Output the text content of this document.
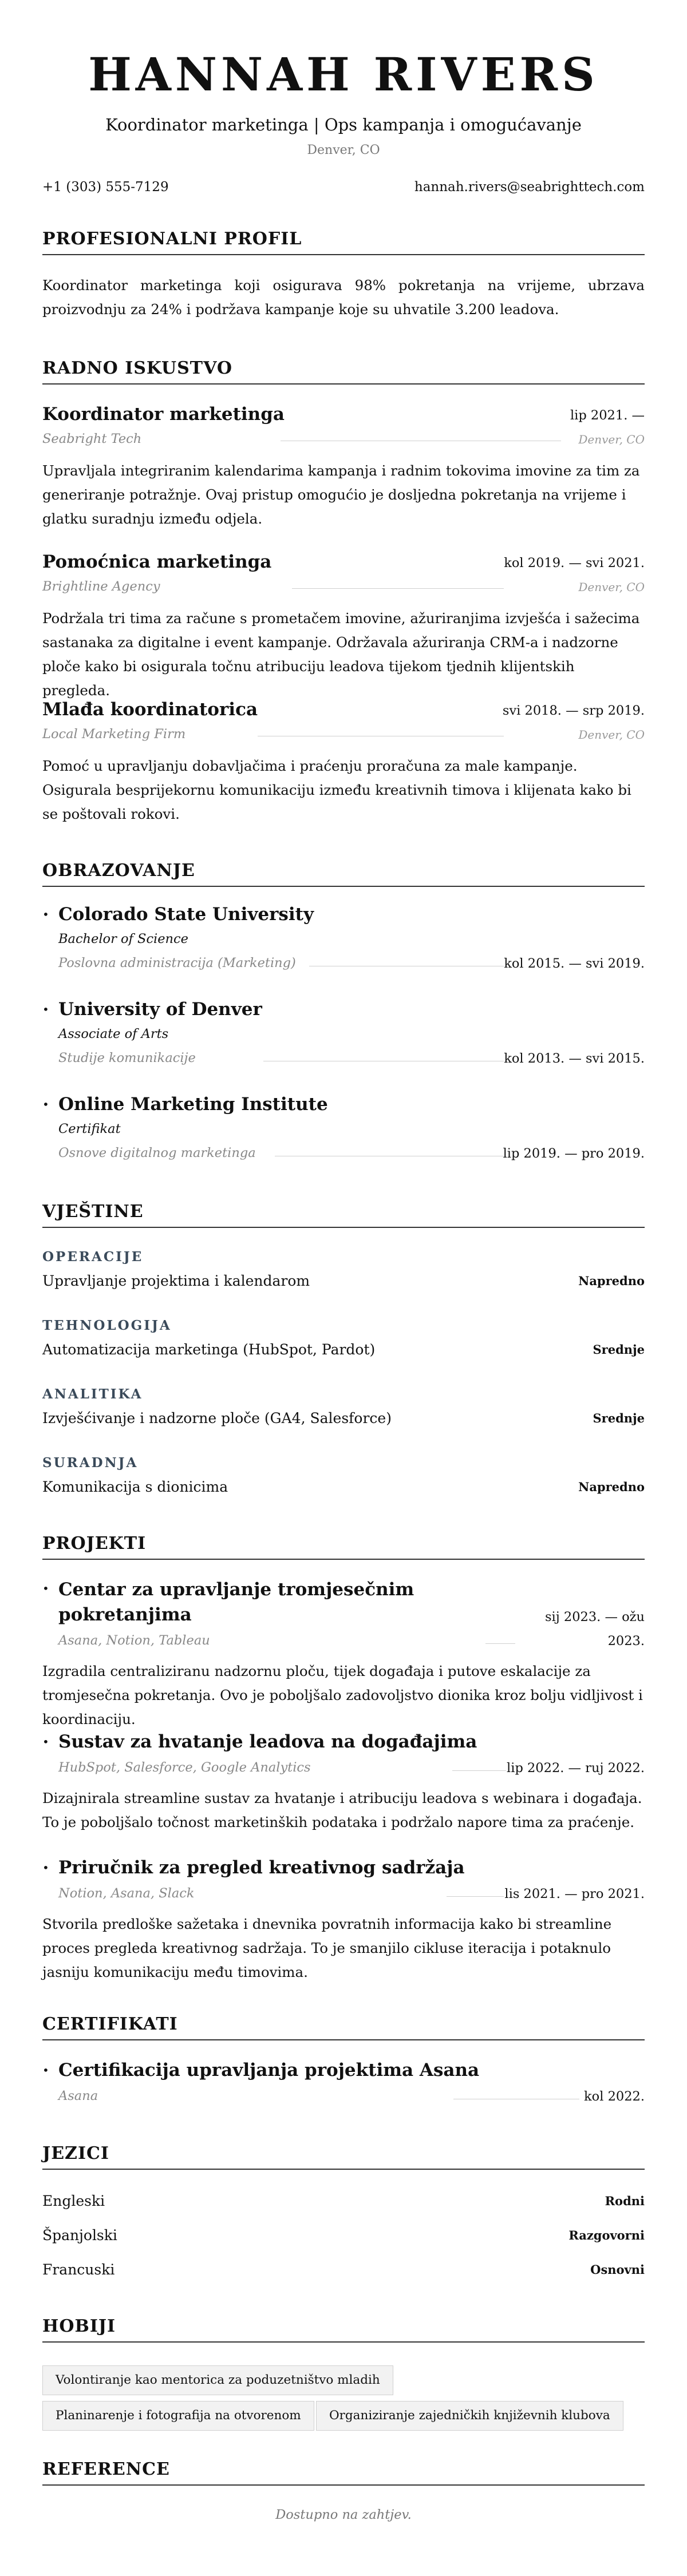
HANNAH RIVERS
Koordinator marketinga | Ops kampanja i omogućavanje
Denver, CO
+1 (303) 555-7129	hannah.rivers@seabrighttech.com
PROFESIONALNI PROFIL
Koordinator marketinga koji osigurava 98% pokretanja na vrijeme, ubrzava proizvodnju za 24% i podržava kampanje koje su uhvatile 3.200 leadova.
RADNO ISKUSTVO
Koordinator marketinga	lip 2021. —
Seabright Tech	Denver, CO
Upravljala integriranim kalendarima kampanja i radnim tokovima imovine za tim za generiranje potražnje. Ovaj pristup omogućio je dosljedna pokretanja na vrijeme i glatku suradnju između odjela.
Pomoćnica marketinga	kol 2019. — svi 2021.
Brightline Agency	Denver, CO
Podržala tri tima za račune s prometačem imovine, ažuriranjima izvješća i sažecima sastanaka za digitalne i event kampanje. Održavala ažuriranja CRM-a i nadzorne ploče kako bi osigurala točnu atribuciju leadova tijekom tjednih klijentskih pregleda.
Mlađa koordinatorica	svi 2018. — srp 2019.
Local Marketing Firm	Denver, CO
Pomoć u upravljanju dobavljačima i praćenju proračuna za male kampanje. Osigurala besprijekornu komunikaciju između kreativnih timova i klijenata kako bi se poštovali rokovi.
OBRAZOVANJE
• Colorado State University
Bachelor of Science
Poslovna administracija (Marketing)	kol 2015. — svi 2019.
• University of Denver
Associate of Arts
Studije komunikacije	kol 2013. — svi 2015.
• Online Marketing Institute
Certifikat
Osnove digitalnog marketinga	lip 2019. — pro 2019.
VJEŠTINE
OPERACIJE
Upravljanje projektima i kalendarom	Napredno
TEHNOLOGIJA
Automatizacija marketinga (HubSpot, Pardot)	Srednje
ANALITIKA
Izvješćivanje i nadzorne ploče (GA4, Salesforce)	Srednje
SURADNJA
Komunikacija s dionicima	Napredno
PROJEKTI
• Centar za upravljanje tromjesečnim
pokretanjima	sij 2023. — ožu
Asana, Notion, Tableau	2023.
Izgradila centraliziranu nadzornu ploču, tijek događaja i putove eskalacije za tromjesečna pokretanja. Ovo je poboljšalo zadovoljstvo dionika kroz bolju vidljivost i koordinaciju.
• Sustav za hvatanje leadova na događajima
HubSpot, Salesforce, Google Analytics	lip 2022. — ruj 2022.
Dizajnirala streamline sustav za hvatanje i atribuciju leadova s webinara i događaja. To je poboljšalo točnost marketinških podataka i podržalo napore tima za praćenje.
• Priručnik za pregled kreativnog sadržaja
Notion, Asana, Slack	lis 2021. — pro 2021.
Stvorila predloške sažetaka i dnevnika povratnih informacija kako bi streamline proces pregleda kreativnog sadržaja. To je smanjilo cikluse iteracija i potaknulo jasniju komunikaciju među timovima.
CERTIFIKATI
• Certifikacija upravljanja projektima Asana
Asana	kol 2022.
JEZICI
Engleski	Rodni
Španjolski	Razgovorni
Francuski	Osnovni
HOBIJI
Volontiranje kao mentorica za poduzetništvo mladih
Planinarenje i fotografija na otvorenom	Organiziranje zajedničkih književnih klubova
REFERENCE
Dostupno na zahtjev.
